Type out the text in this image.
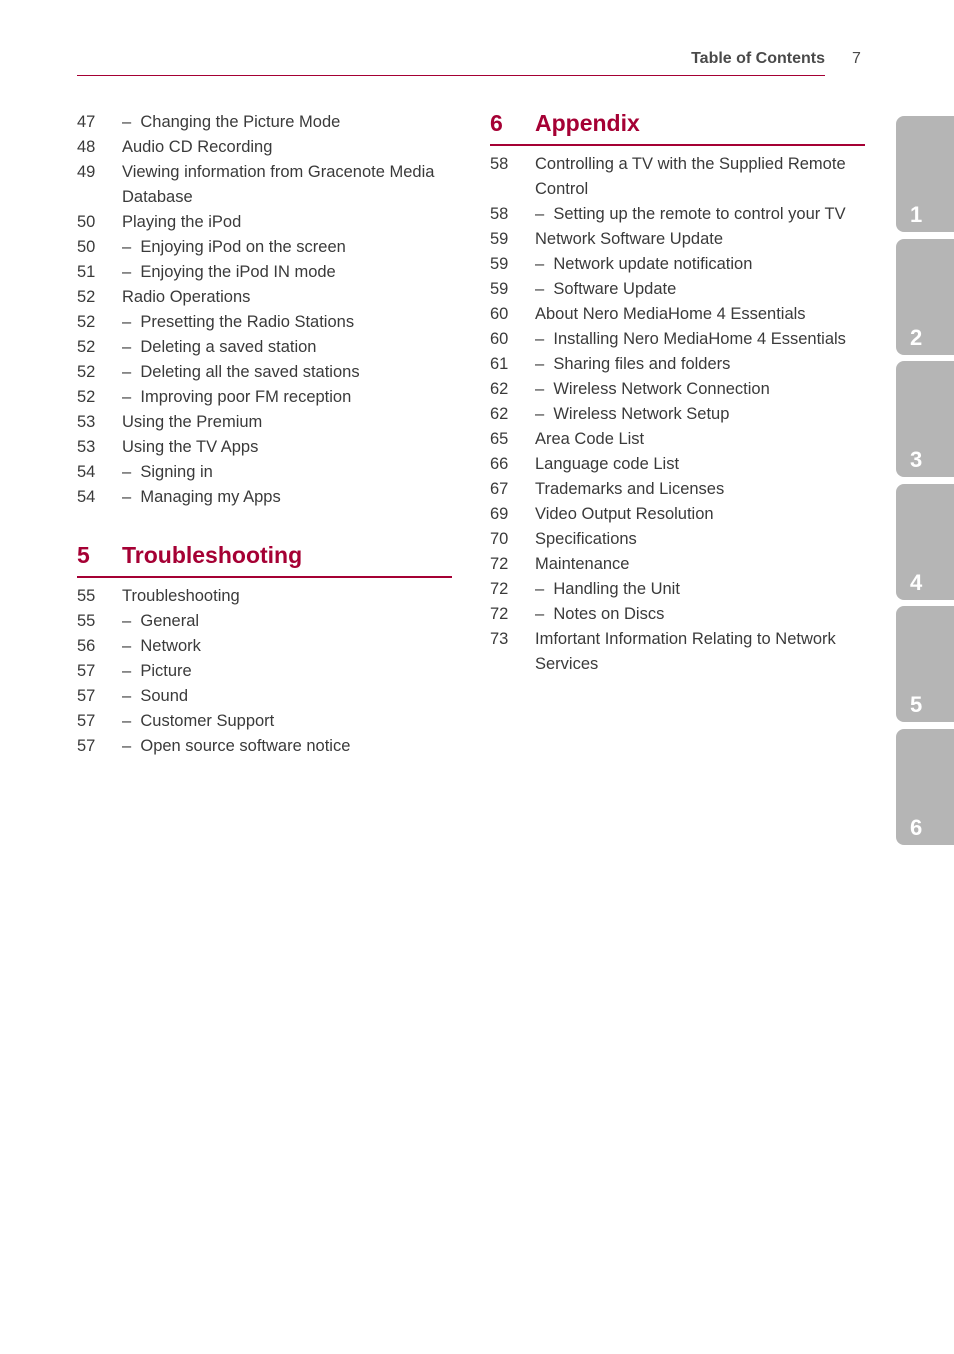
Table of Contents 7
47	–  Changing the Picture Mode
48	Audio CD Recording
49	Viewing information from Gracenote Media Database
50	Playing the iPod
50	–  Enjoying iPod on the screen
51	–  Enjoying the iPod IN mode
52	Radio Operations
52	–  Presetting the Radio Stations
52	–  Deleting a saved station
52	–  Deleting all the saved stations
52	–  Improving poor FM reception
53	Using the Premium
53	Using the TV Apps
54	–  Signing in
54	–  Managing my Apps
5	Troubleshooting
55	Troubleshooting
55	–  General
56	–  Network
57	–  Picture
57	–  Sound
57	–  Customer Support
57	–  Open source software notice
6	Appendix
58	Controlling a TV with the Supplied Remote Control
58	–  Setting up the remote to control your TV
59	Network Software Update
59	–  Network update notification
59	–  Software Update
60	About Nero MediaHome 4 Essentials
60	–  Installing Nero MediaHome 4 Essentials
61	–  Sharing files and folders
62	–  Wireless Network Connection
62	–  Wireless Network Setup
65	Area Code List
66	Language code List
67	Trademarks and Licenses
69	Video Output Resolution
70	Specifications
72	Maintenance
72	–  Handling the Unit
72	–  Notes on Discs
73	Imfortant Information Relating to Network Services
1
2
3
4
5
6
